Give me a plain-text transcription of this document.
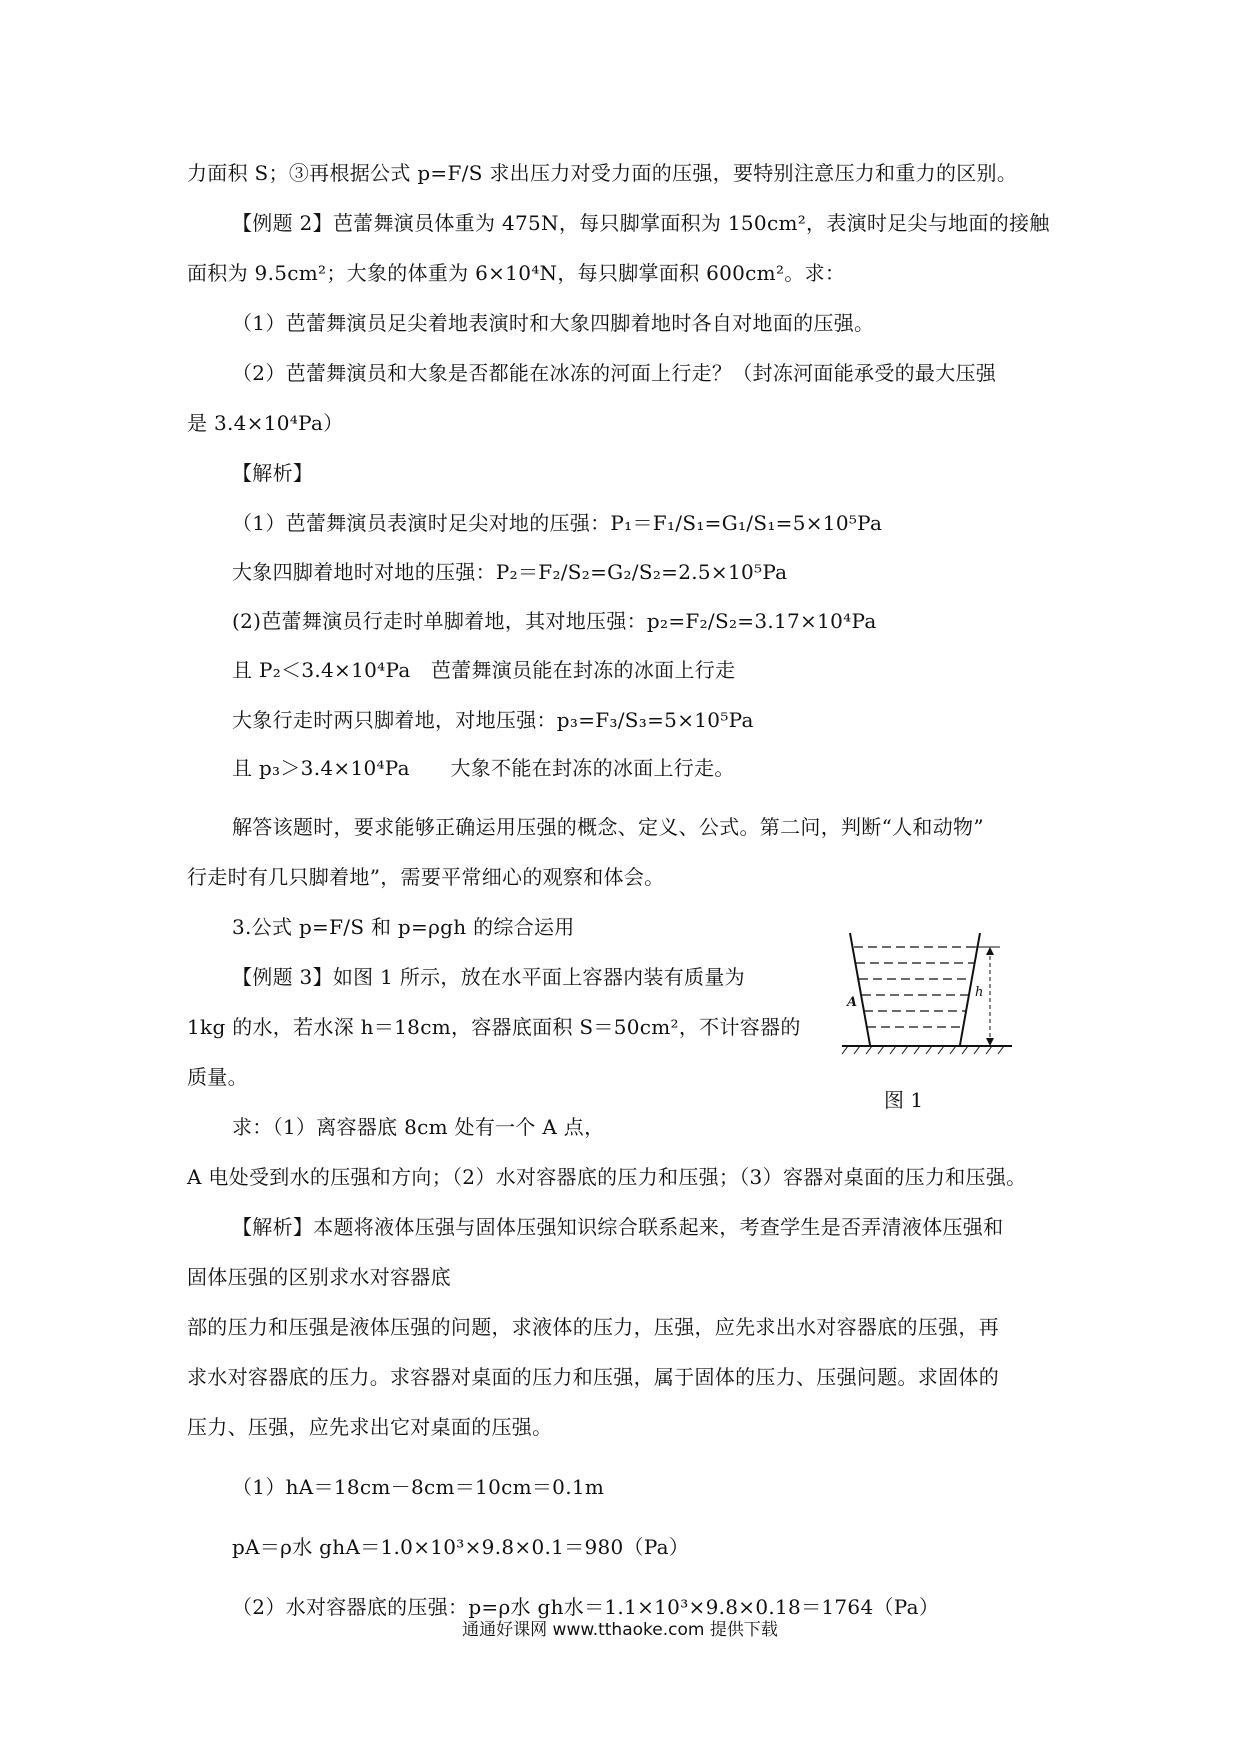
力面积 S；③再根据公式 p=F/S 求出压力对受力面的压强，要特别注意压力和重力的区别。
【例题 2】芭蕾舞演员体重为 475N，每只脚掌面积为 150cm²，表演时足尖与地面的接触
面积为 9.5cm²；大象的体重为 6×10⁴N，每只脚掌面积 600cm²。求：
（1）芭蕾舞演员足尖着地表演时和大象四脚着地时各自对地面的压强。
（2）芭蕾舞演员和大象是否都能在冰冻的河面上行走？（封冻河面能承受的最大压强
是 3.4×10⁴Pa）
【解析】
（1）芭蕾舞演员表演时足尖对地的压强：P₁＝F₁/S₁=G₁/S₁=5×10⁵Pa
大象四脚着地时对地的压强：P₂＝F₂/S₂=G₂/S₂=2.5×10⁵Pa
(2)芭蕾舞演员行走时单脚着地，其对地压强：p₂=F₂/S₂=3.17×10⁴Pa
且 P₂＜3.4×10⁴Pa　芭蕾舞演员能在封冻的冰面上行走
大象行走时两只脚着地，对地压强：p₃=F₃/S₃=5×10⁵Pa
且 p₃＞3.4×10⁴Pa　　大象不能在封冻的冰面上行走。
解答该题时，要求能够正确运用压强的概念、定义、公式。第二问，判断“人和动物”
行走时有几只脚着地”，需要平常细心的观察和体会。
3.公式 p=F/S 和 p=ρgh 的综合运用
【例题 3】如图 1 所示，放在水平面上容器内装有质量为
1kg 的水，若水深 h＝18cm，容器底面积 S＝50cm²，不计容器的
质量。
求：（1）离容器底 8cm 处有一个 A 点，
A 电处受到水的压强和方向；（2）水对容器底的压力和压强；（3）容器对桌面的压力和压强。
【解析】本题将液体压强与固体压强知识综合联系起来，考查学生是否弄清液体压强和
固体压强的区别求水对容器底
部的压力和压强是液体压强的问题，求液体的压力，压强，应先求出水对容器底的压强，再
求水对容器底的压力。求容器对桌面的压力和压强，属于固体的压力、压强问题。求固体的
压力、压强，应先求出它对桌面的压强。
（1）hA＝18cm－8cm＝10cm＝0.1m
pA＝ρ水 ghA＝1.0×10³×9.8×0.1＝980（Pa）
（2）水对容器底的压强：p=ρ水 gh水＝1.1×10³×9.8×0.18＝1764（Pa）
A
h
图 1
通通好课网 www.tthaoke.com 提供下载
